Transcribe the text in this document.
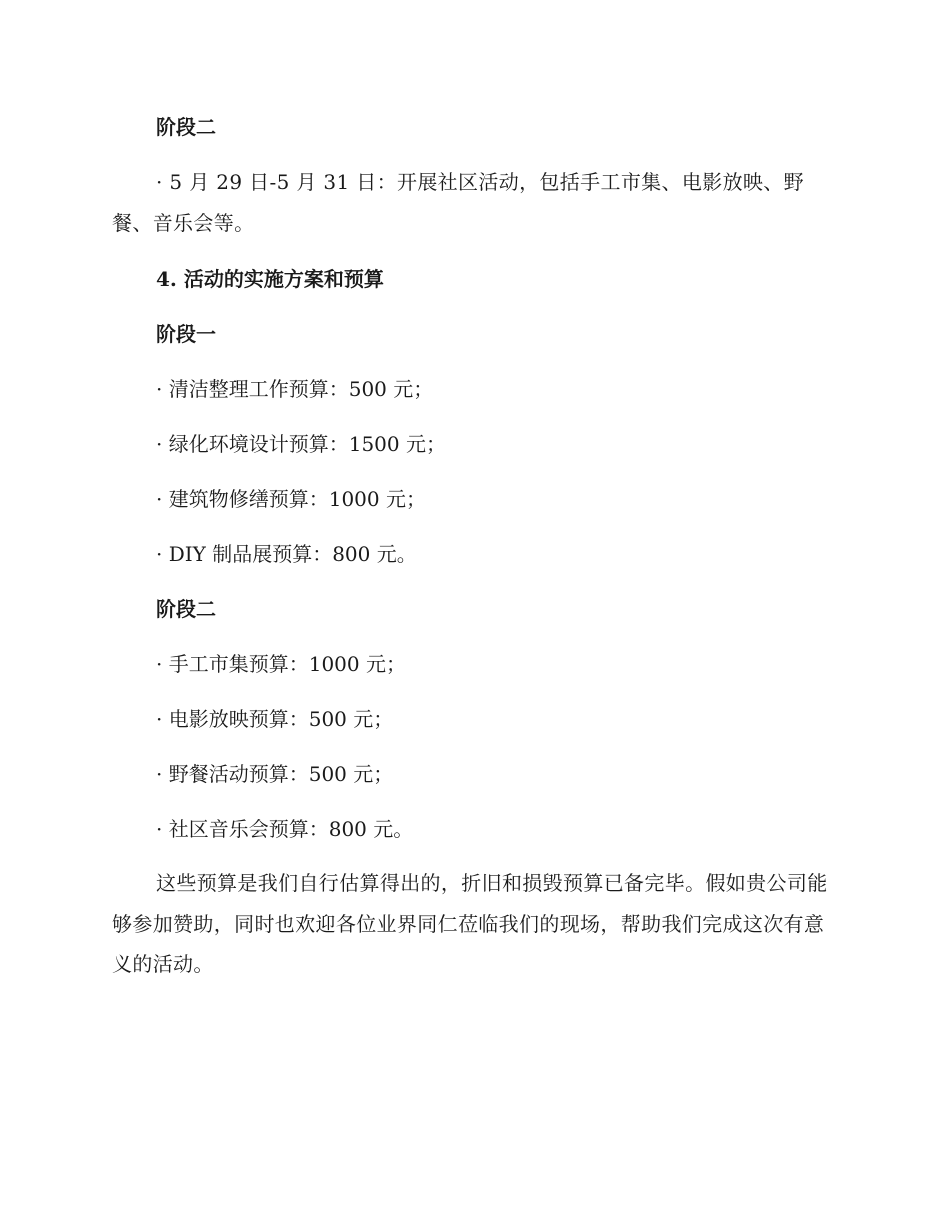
阶段二
· 5 月 29 日-5 月 31 日：开展社区活动，包括手工市集、电影放映、野餐、音乐会等。
4. 活动的实施方案和预算
阶段一
· 清洁整理工作预算：500 元；
· 绿化环境设计预算：1500 元；
· 建筑物修缮预算：1000 元；
· DIY 制品展预算：800 元。
阶段二
· 手工市集预算：1000 元；
· 电影放映预算：500 元；
· 野餐活动预算：500 元；
· 社区音乐会预算：800 元。
这些预算是我们自行估算得出的，折旧和损毁预算已备完毕。假如贵公司能够参加赞助，同时也欢迎各位业界同仁莅临我们的现场，帮助我们完成这次有意义的活动。
